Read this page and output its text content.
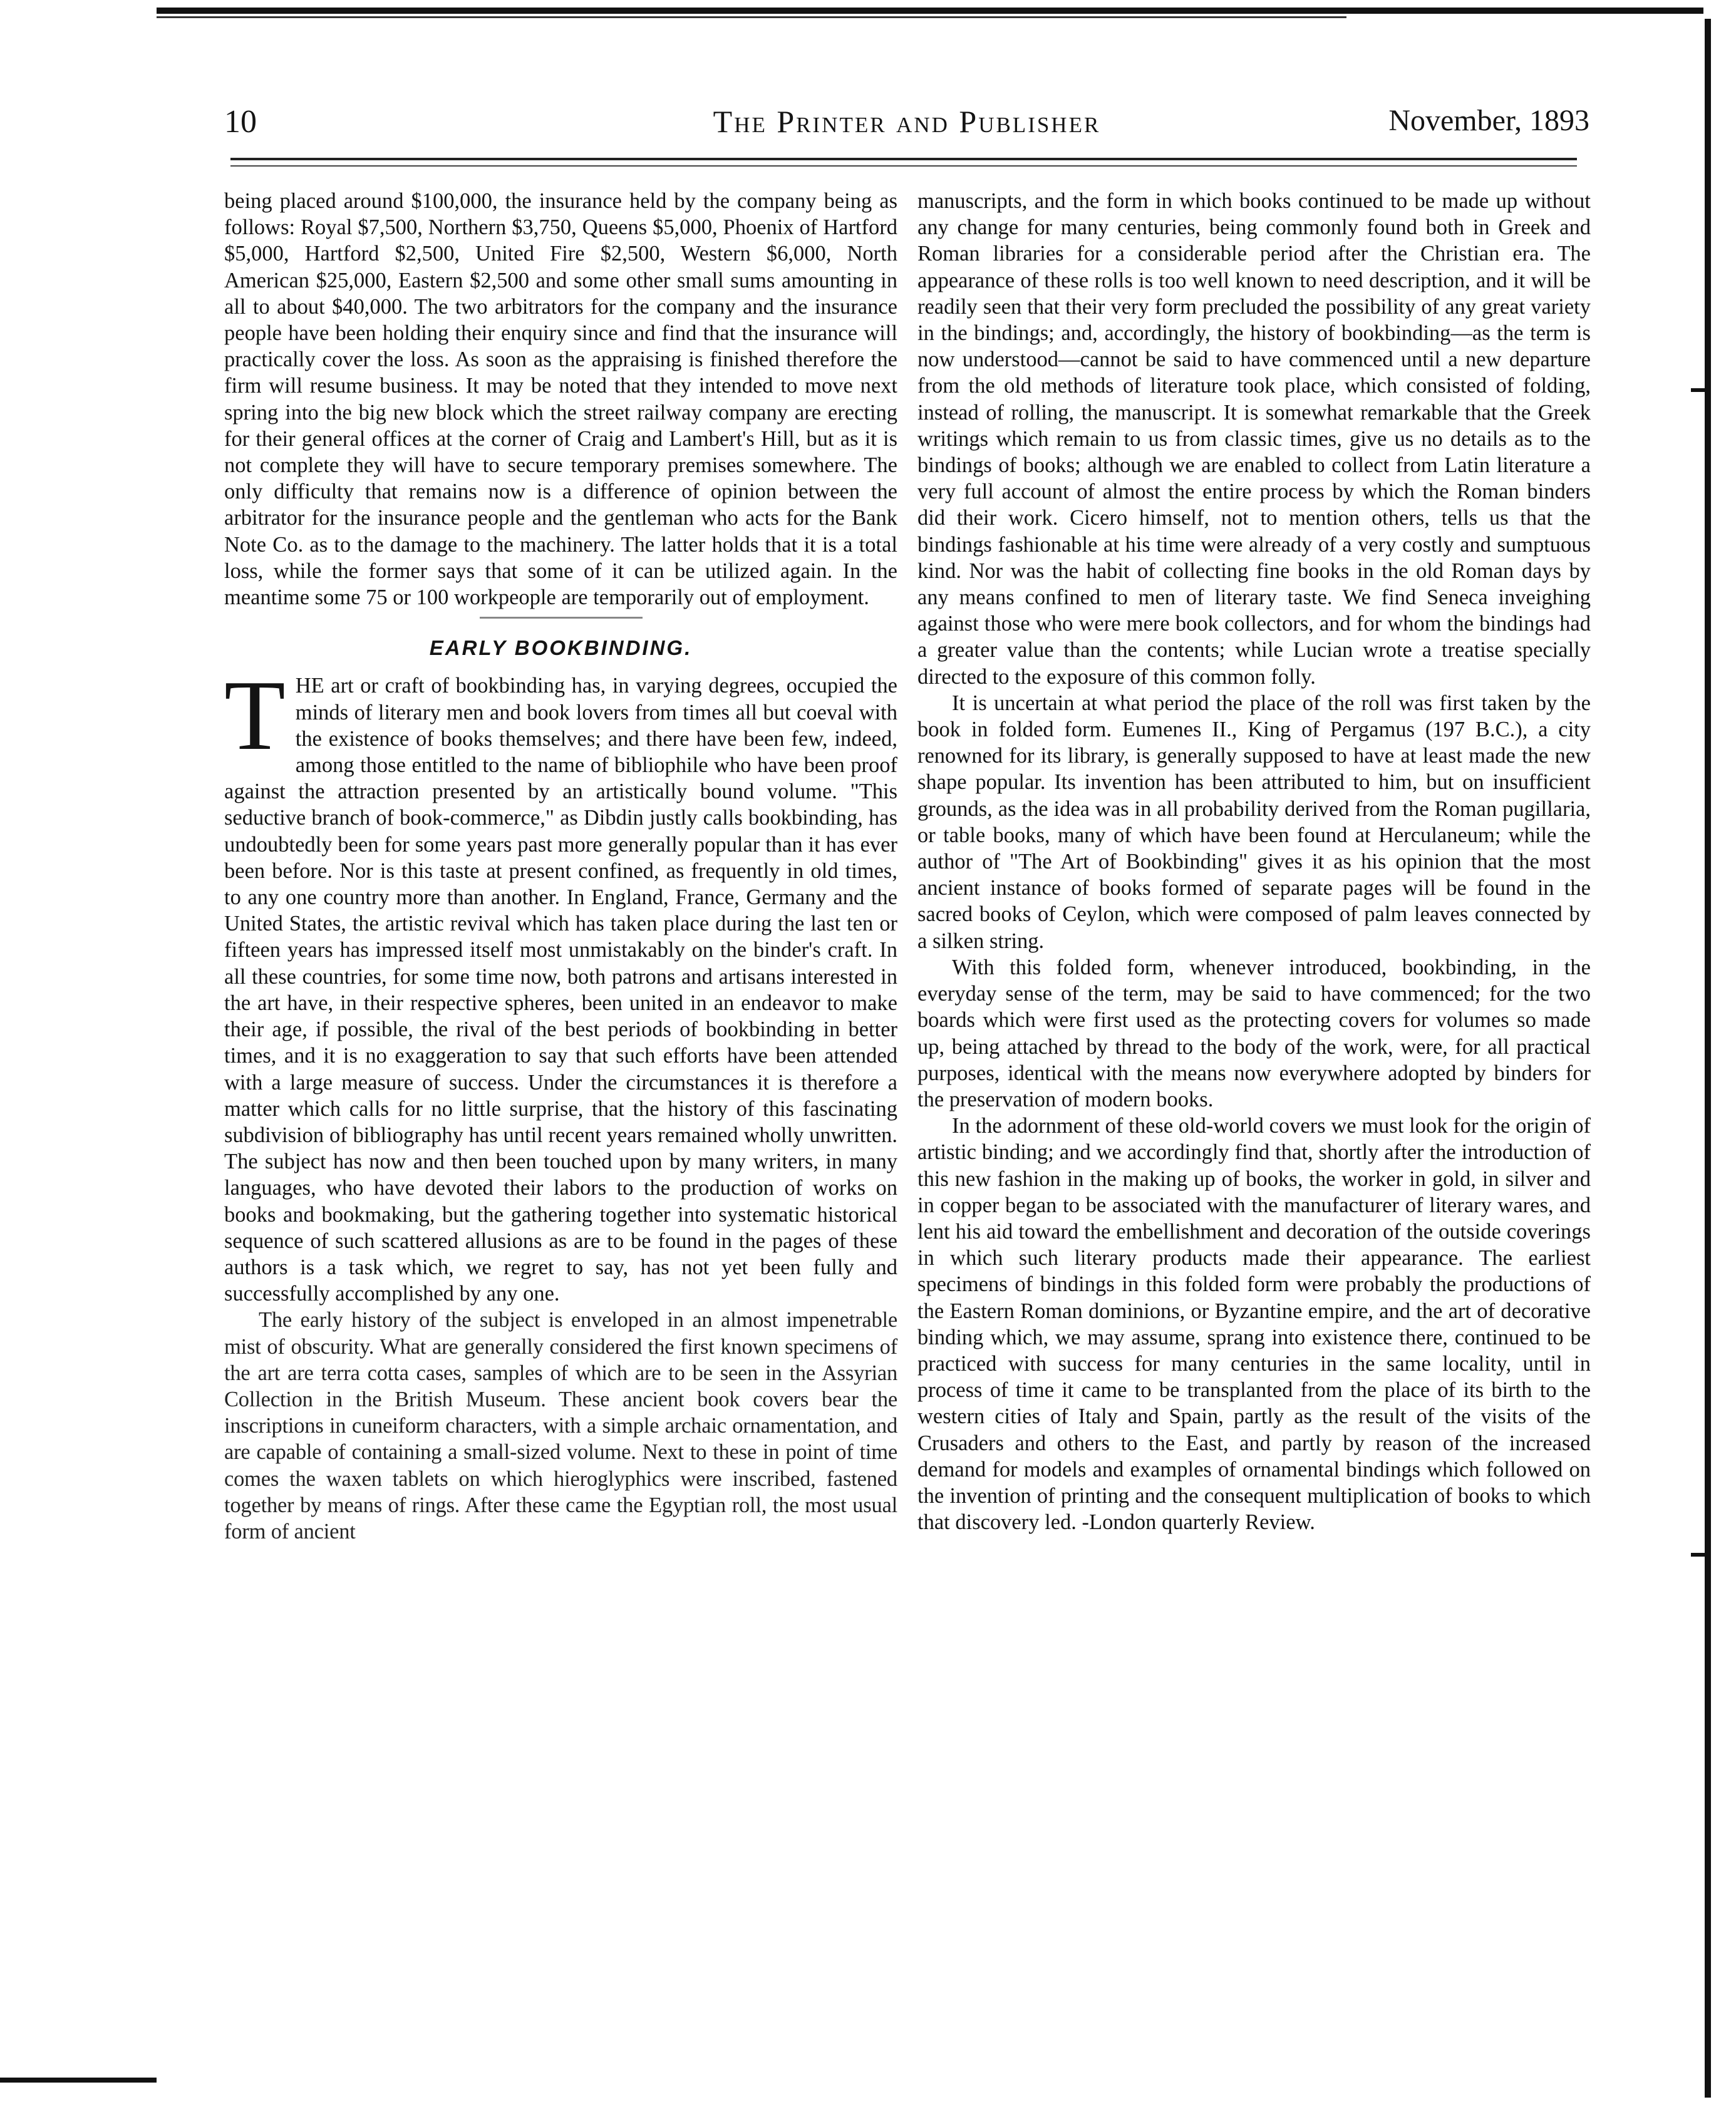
10	The Printer and Publisher	November, 1893

being placed around $100,000, the insurance held by the company being as follows: Royal $7,500, Northern $3,750, Queens $5,000, Phoenix of Hartford $5,000, Hartford $2,500, United Fire $2,500, Western $6,000, North American $25,000, Eastern $2,500 and some other small sums amounting in all to about $40,000. The two arbitrators for the company and the insurance people have been holding their enquiry since and find that the insurance will practically cover the loss. As soon as the appraising is finished therefore the firm will resume business. It may be noted that they intended to move next spring into the big new block which the street railway company are erecting for their general offices at the corner of Craig and Lambert's Hill, but as it is not complete they will have to secure temporary premises somewhere. The only difficulty that remains now is a difference of opinion between the arbitrator for the insurance people and the gentleman who acts for the Bank Note Co. as to the damage to the machinery. The latter holds that it is a total loss, while the former says that some of it can be utilized again. In the meantime some 75 or 100 workpeople are temporarily out of employment.

EARLY BOOKBINDING.

THE art or craft of bookbinding has, in varying degrees, occupied the minds of literary men and book lovers from times all but coeval with the existence of books themselves; and there have been few, indeed, among those entitled to the name of bibliophile who have been proof against the attraction presented by an artistically bound volume. "This seductive branch of book-commerce," as Dibdin justly calls bookbinding, has undoubtedly been for some years past more generally popular than it has ever been before. Nor is this taste at present confined, as frequently in old times, to any one country more than another. In England, France, Germany and the United States, the artistic revival which has taken place during the last ten or fifteen years has impressed itself most unmistakably on the binder's craft. In all these countries, for some time now, both patrons and artisans interested in the art have, in their respective spheres, been united in an endeavor to make their age, if possible, the rival of the best periods of bookbinding in better times, and it is no exaggeration to say that such efforts have been attended with a large measure of success. Under the circumstances it is therefore a matter which calls for no little surprise, that the history of this fascinating subdivision of bibliography has until recent years remained wholly unwritten. The subject has now and then been touched upon by many writers, in many languages, who have devoted their labors to the production of works on books and bookmaking, but the gathering together into systematic historical sequence of such scattered allusions as are to be found in the pages of these authors is a task which, we regret to say, has not yet been fully and successfully accomplished by any one.

The early history of the subject is enveloped in an almost impenetrable mist of obscurity. What are generally considered the first known specimens of the art are terra cotta cases, samples of which are to be seen in the Assyrian Collection in the British Museum. These ancient book covers bear the inscriptions in cuneiform characters, with a simple archaic ornamentation, and are capable of containing a small-sized volume. Next to these in point of time comes the waxen tablets on which hieroglyphics were inscribed, fastened together by means of rings. After these came the Egyptian roll, the most usual form of ancient

manuscripts, and the form in which books continued to be made up without any change for many centuries, being commonly found both in Greek and Roman libraries for a considerable period after the Christian era. The appearance of these rolls is too well known to need description, and it will be readily seen that their very form precluded the possibility of any great variety in the bindings; and, accordingly, the history of bookbinding—as the term is now understood—cannot be said to have commenced until a new departure from the old methods of literature took place, which consisted of folding, instead of rolling, the manuscript. It is somewhat remarkable that the Greek writings which remain to us from classic times, give us no details as to the bindings of books; although we are enabled to collect from Latin literature a very full account of almost the entire process by which the Roman binders did their work. Cicero himself, not to mention others, tells us that the bindings fashionable at his time were already of a very costly and sumptuous kind. Nor was the habit of collecting fine books in the old Roman days by any means confined to men of literary taste. We find Seneca inveighing against those who were mere book collectors, and for whom the bindings had a greater value than the contents; while Lucian wrote a treatise specially directed to the exposure of this common folly.

It is uncertain at what period the place of the roll was first taken by the book in folded form. Eumenes II., King of Pergamus (197 B.C.), a city renowned for its library, is generally supposed to have at least made the new shape popular. Its invention has been attributed to him, but on insufficient grounds, as the idea was in all probability derived from the Roman pugillaria, or table books, many of which have been found at Herculaneum; while the author of "The Art of Bookbinding" gives it as his opinion that the most ancient instance of books formed of separate pages will be found in the sacred books of Ceylon, which were composed of palm leaves connected by a silken string.

With this folded form, whenever introduced, bookbinding, in the everyday sense of the term, may be said to have commenced; for the two boards which were first used as the protecting covers for volumes so made up, being attached by thread to the body of the work, were, for all practical purposes, identical with the means now everywhere adopted by binders for the preservation of modern books.

In the adornment of these old-world covers we must look for the origin of artistic binding; and we accordingly find that, shortly after the introduction of this new fashion in the making up of books, the worker in gold, in silver and in copper began to be associated with the manufacturer of literary wares, and lent his aid toward the embellishment and decoration of the outside coverings in which such literary products made their appearance. The earliest specimens of bindings in this folded form were probably the productions of the Eastern Roman dominions, or Byzantine empire, and the art of decorative binding which, we may assume, sprang into existence there, continued to be practiced with success for many centuries in the same locality, until in process of time it came to be transplanted from the place of its birth to the western cities of Italy and Spain, partly as the result of the visits of the Crusaders and others to the East, and partly by reason of the increased demand for models and examples of ornamental bindings which followed on the invention of printing and the consequent multiplication of books to which that discovery led. -London quarterly Review.
